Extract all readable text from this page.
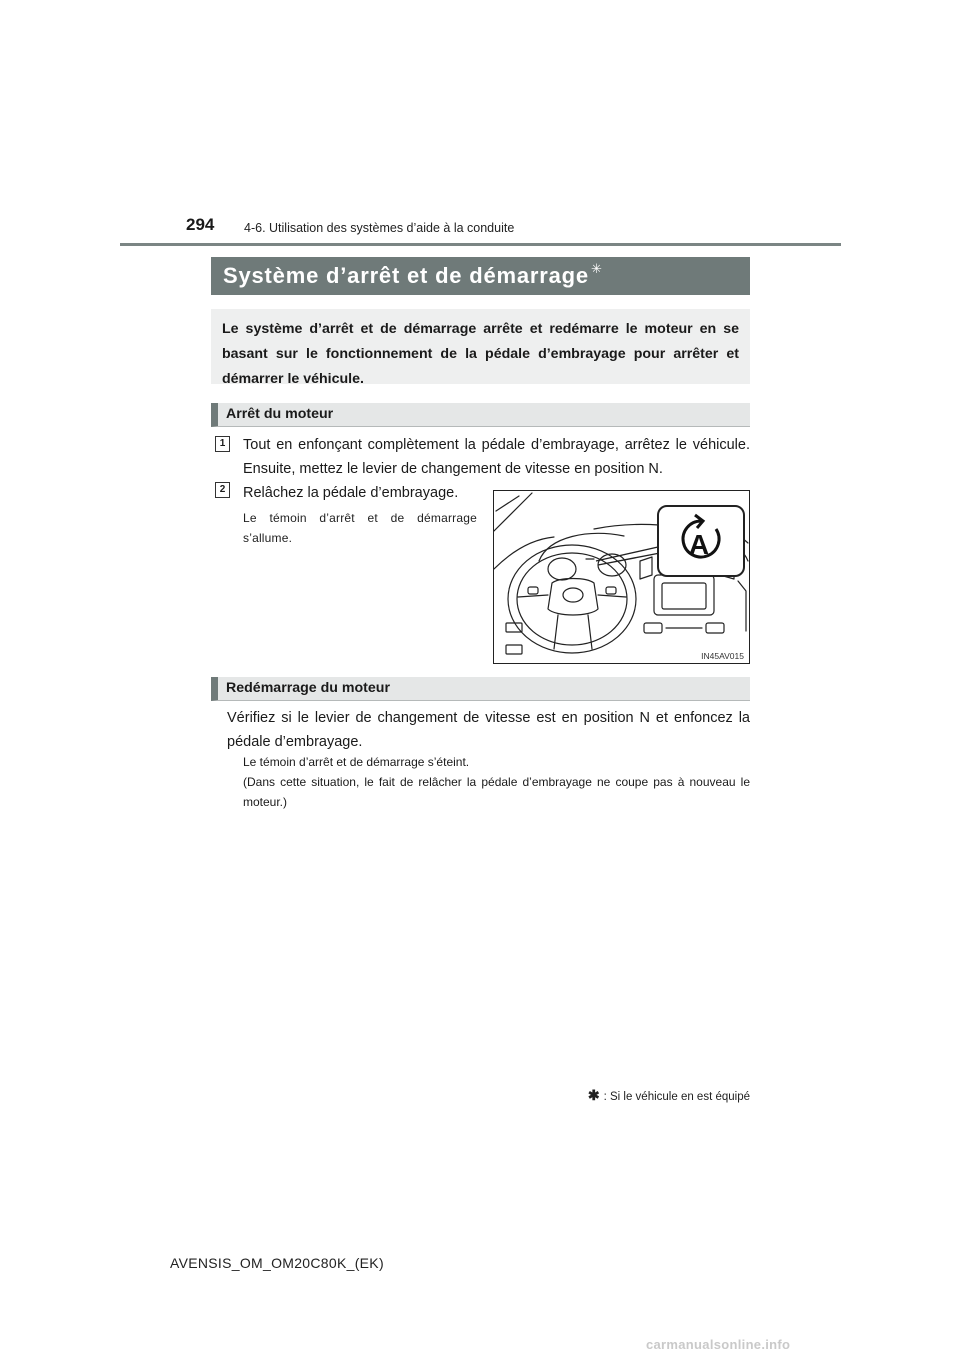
294 4-6. Utilisation des systèmes d’aide à la conduite
Système d’arrêt et de démarrage ✳
Le système d’arrêt et de démarrage arrête et redémarre le moteur en se basant sur le fonctionnement de la pédale d’embrayage pour arrêter et démarrer le véhicule.
Arrêt du moteur
1	Tout en enfonçant complètement la pédale d’embrayage, arrêtez le véhicule. Ensuite, mettez le levier de changement de vitesse en position N.
2	Relâchez la pédale d’embrayage.
Le témoin d’arrêt et de démarrage s’allume.	A
IN45AV015
Redémarrage du moteur
Vérifiez si le levier de changement de vitesse est en position N et enfoncez la pédale d’embrayage.
Le témoin d’arrêt et de démarrage s’éteint.
(Dans cette situation, le fait de relâcher la pédale d’embrayage ne coupe pas à nouveau le moteur.)
✱ : Si le véhicule en est équipé
AVENSIS_OM_OM20C80K_(EK)
carmanualsonline.info
